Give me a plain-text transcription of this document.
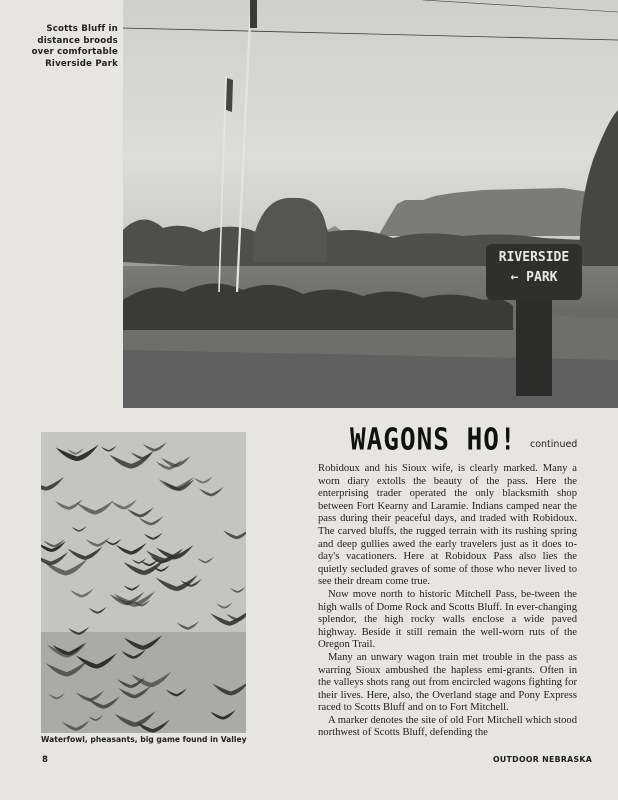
Scotts Bluff in distance broods over comfortable Riverside Park
RIVERSIDE
← PARK
Waterfowl, pheasants, big game found in Valley
WAGONS HO! continued

Robidoux and his Sioux wife, is clearly marked. Many a worn diary extolls the beauty of the pass. Here the enterprising trader operated the only blacksmith shop between Fort Kearny and Laramie. Indians camped near the pass during their peaceful days, and traded with Robidoux. The carved bluffs, the rugged terrain with its rushing spring and deep gullies awed the early travelers just as it does to-day's vacationers. Here at Robidoux Pass also lies the quietly secluded graves of some of those who never lived to see their dream come true.

Now move north to historic Mitchell Pass, be-tween the high walls of Dome Rock and Scotts Bluff. In ever-changing splendor, the high rocky walls enclose a wide paved highway. Beside it still remain the well-worn ruts of the Oregon Trail.

Many an unwary wagon train met trouble in the pass as warring Sioux ambushed the hapless emi-grants. Often in the valleys shots rang out from encircled wagons fighting for their lives. Here, also, the Overland stage and Pony Express raced to Scotts Bluff and on to Fort Mitchell.

A marker denotes the site of old Fort Mitchell which stood northwest of Scotts Bluff, defending the

8	OUTDOOR NEBRASKA
